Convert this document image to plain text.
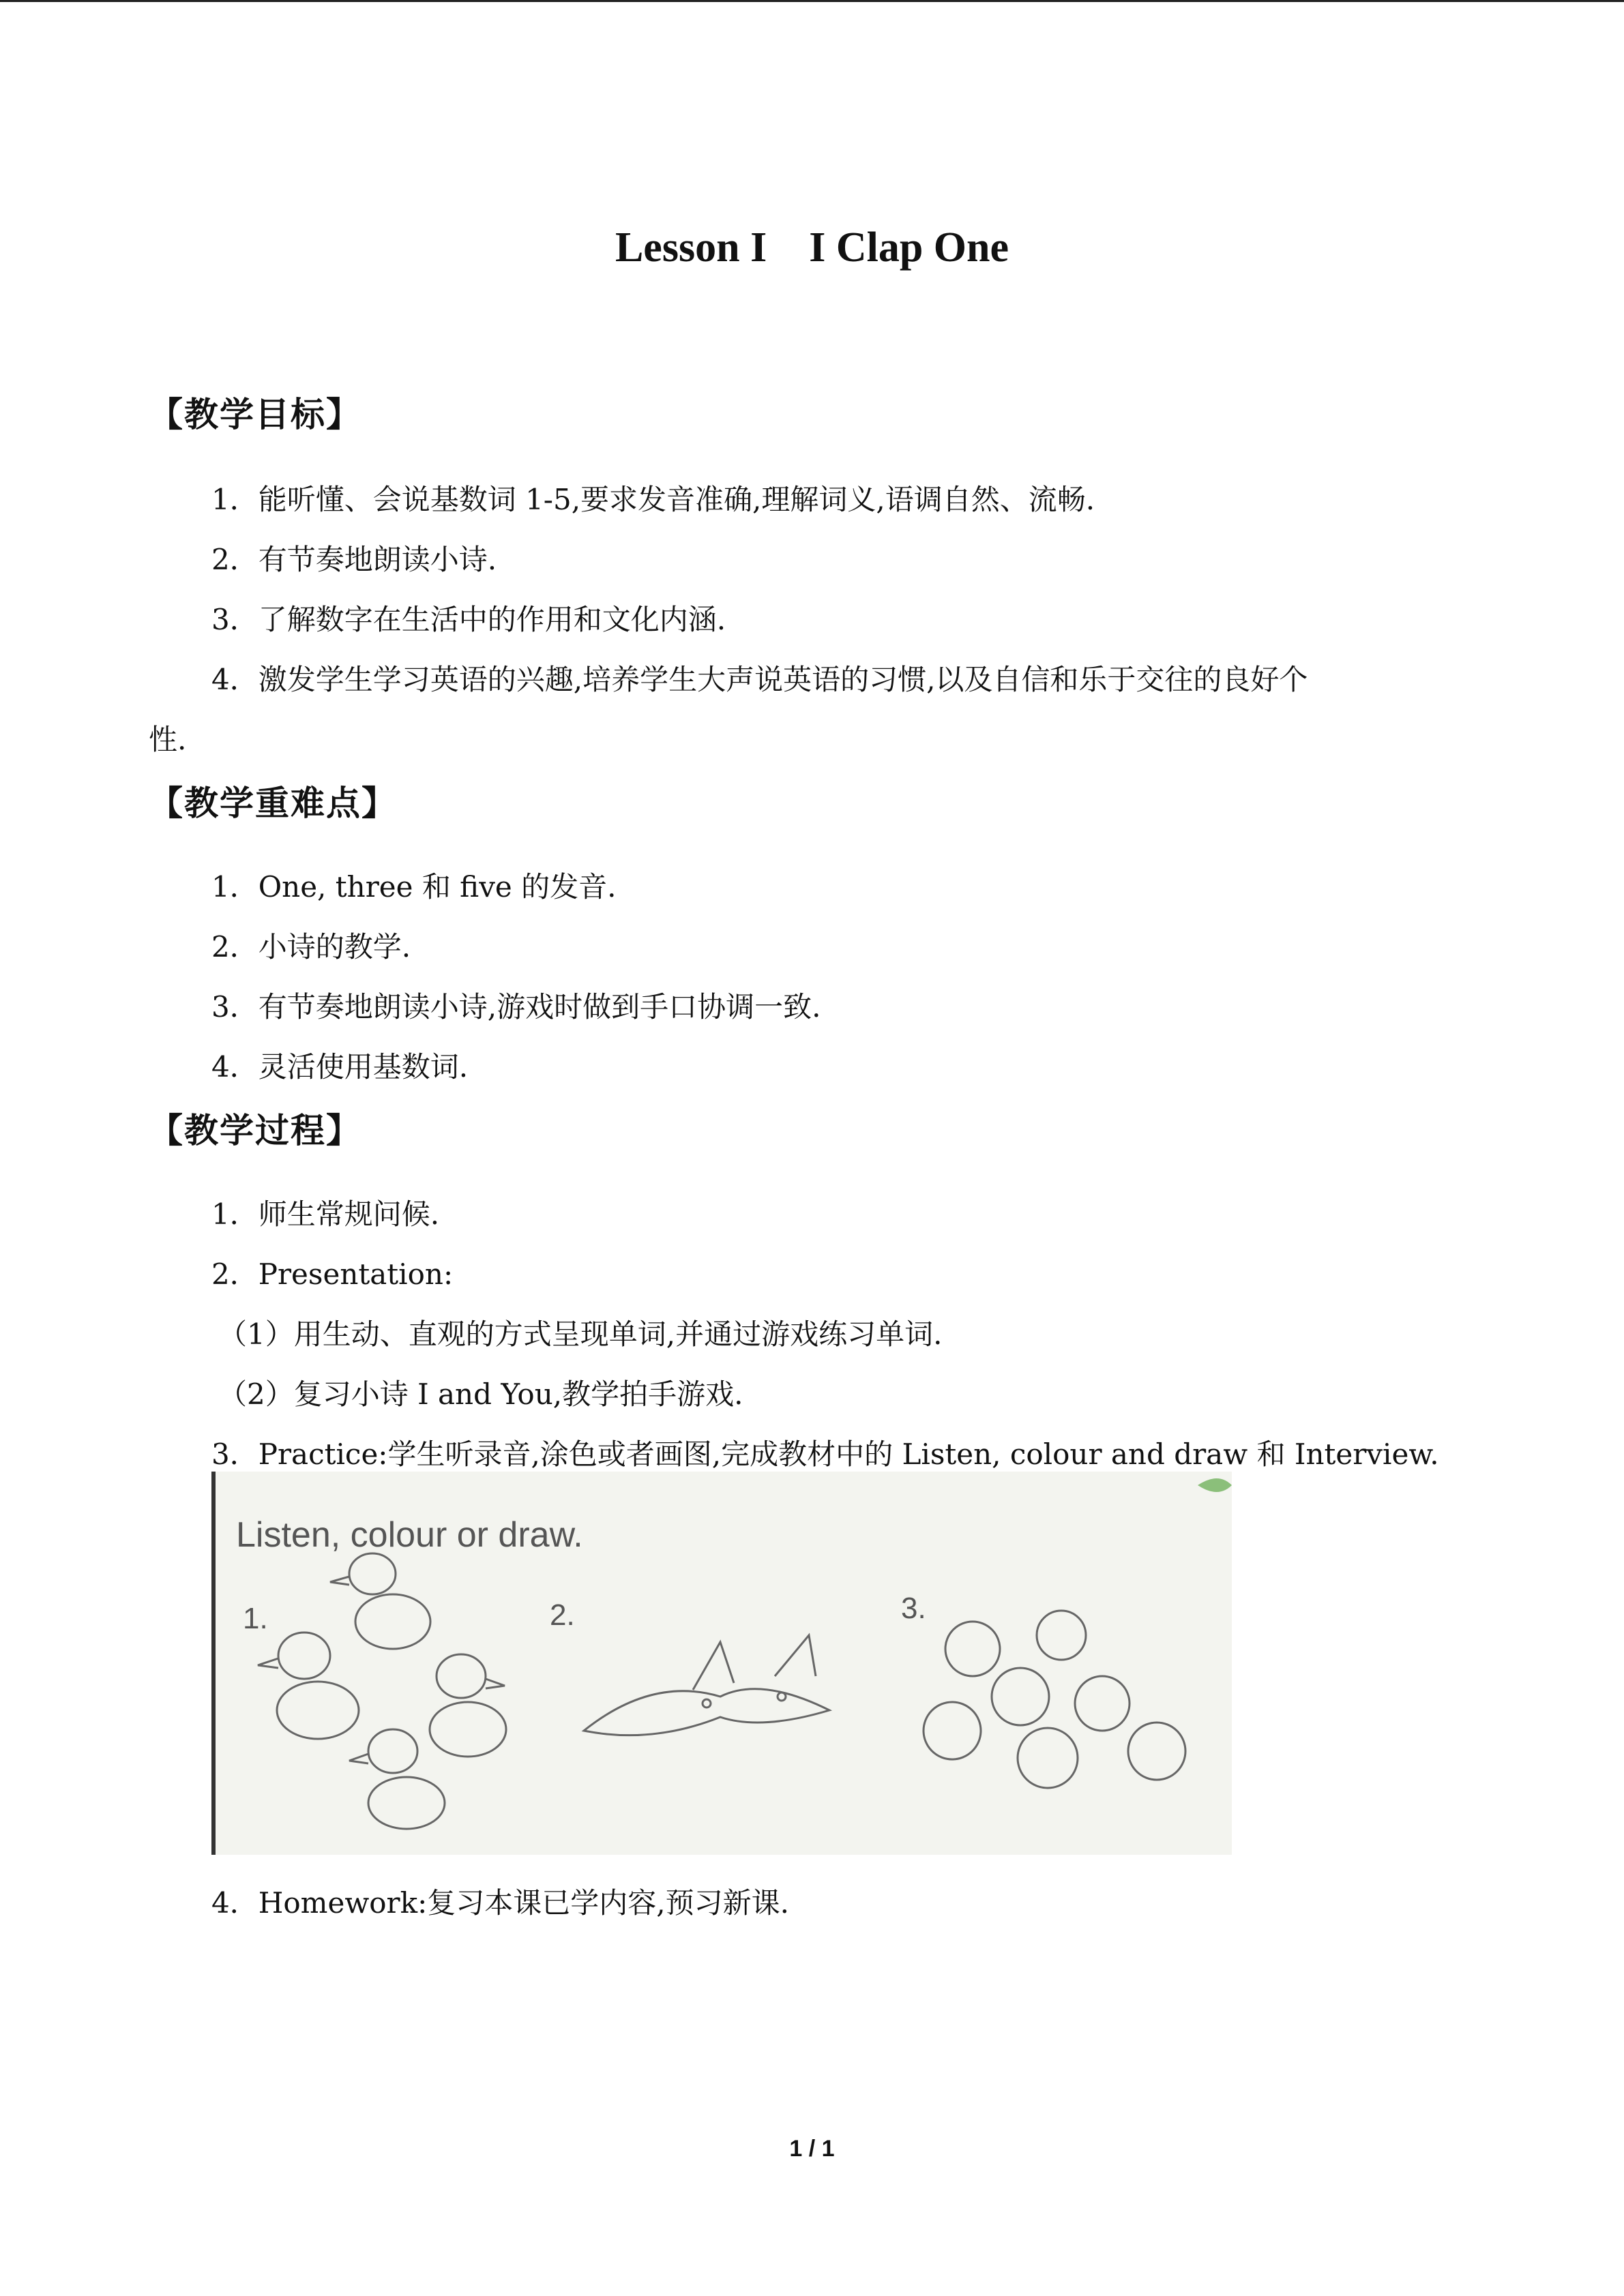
Lesson I　I Clap One
【教学目标】
1．能听懂、会说基数词 1-5,要求发音准确,理解词义,语调自然、流畅.
2．有节奏地朗读小诗.
3．了解数字在生活中的作用和文化内涵.
4．激发学生学习英语的兴趣,培养学生大声说英语的习惯,以及自信和乐于交往的良好个
性.
【教学重难点】
1．One, three 和 five 的发音.
2．小诗的教学.
3．有节奏地朗读小诗,游戏时做到手口协调一致.
4．灵活使用基数词.
【教学过程】
1．师生常规问候.
2．Presentation:
（1）用生动、直观的方式呈现单词,并通过游戏练习单词.
（2）复习小诗 I and You,教学拍手游戏.
3．Practice:学生听录音,涂色或者画图,完成教材中的 Listen, colour and draw 和 Interview.
Listen, colour or draw.
1.	2.	3.
4．Homework:复习本课已学内容,预习新课.
1 / 1
